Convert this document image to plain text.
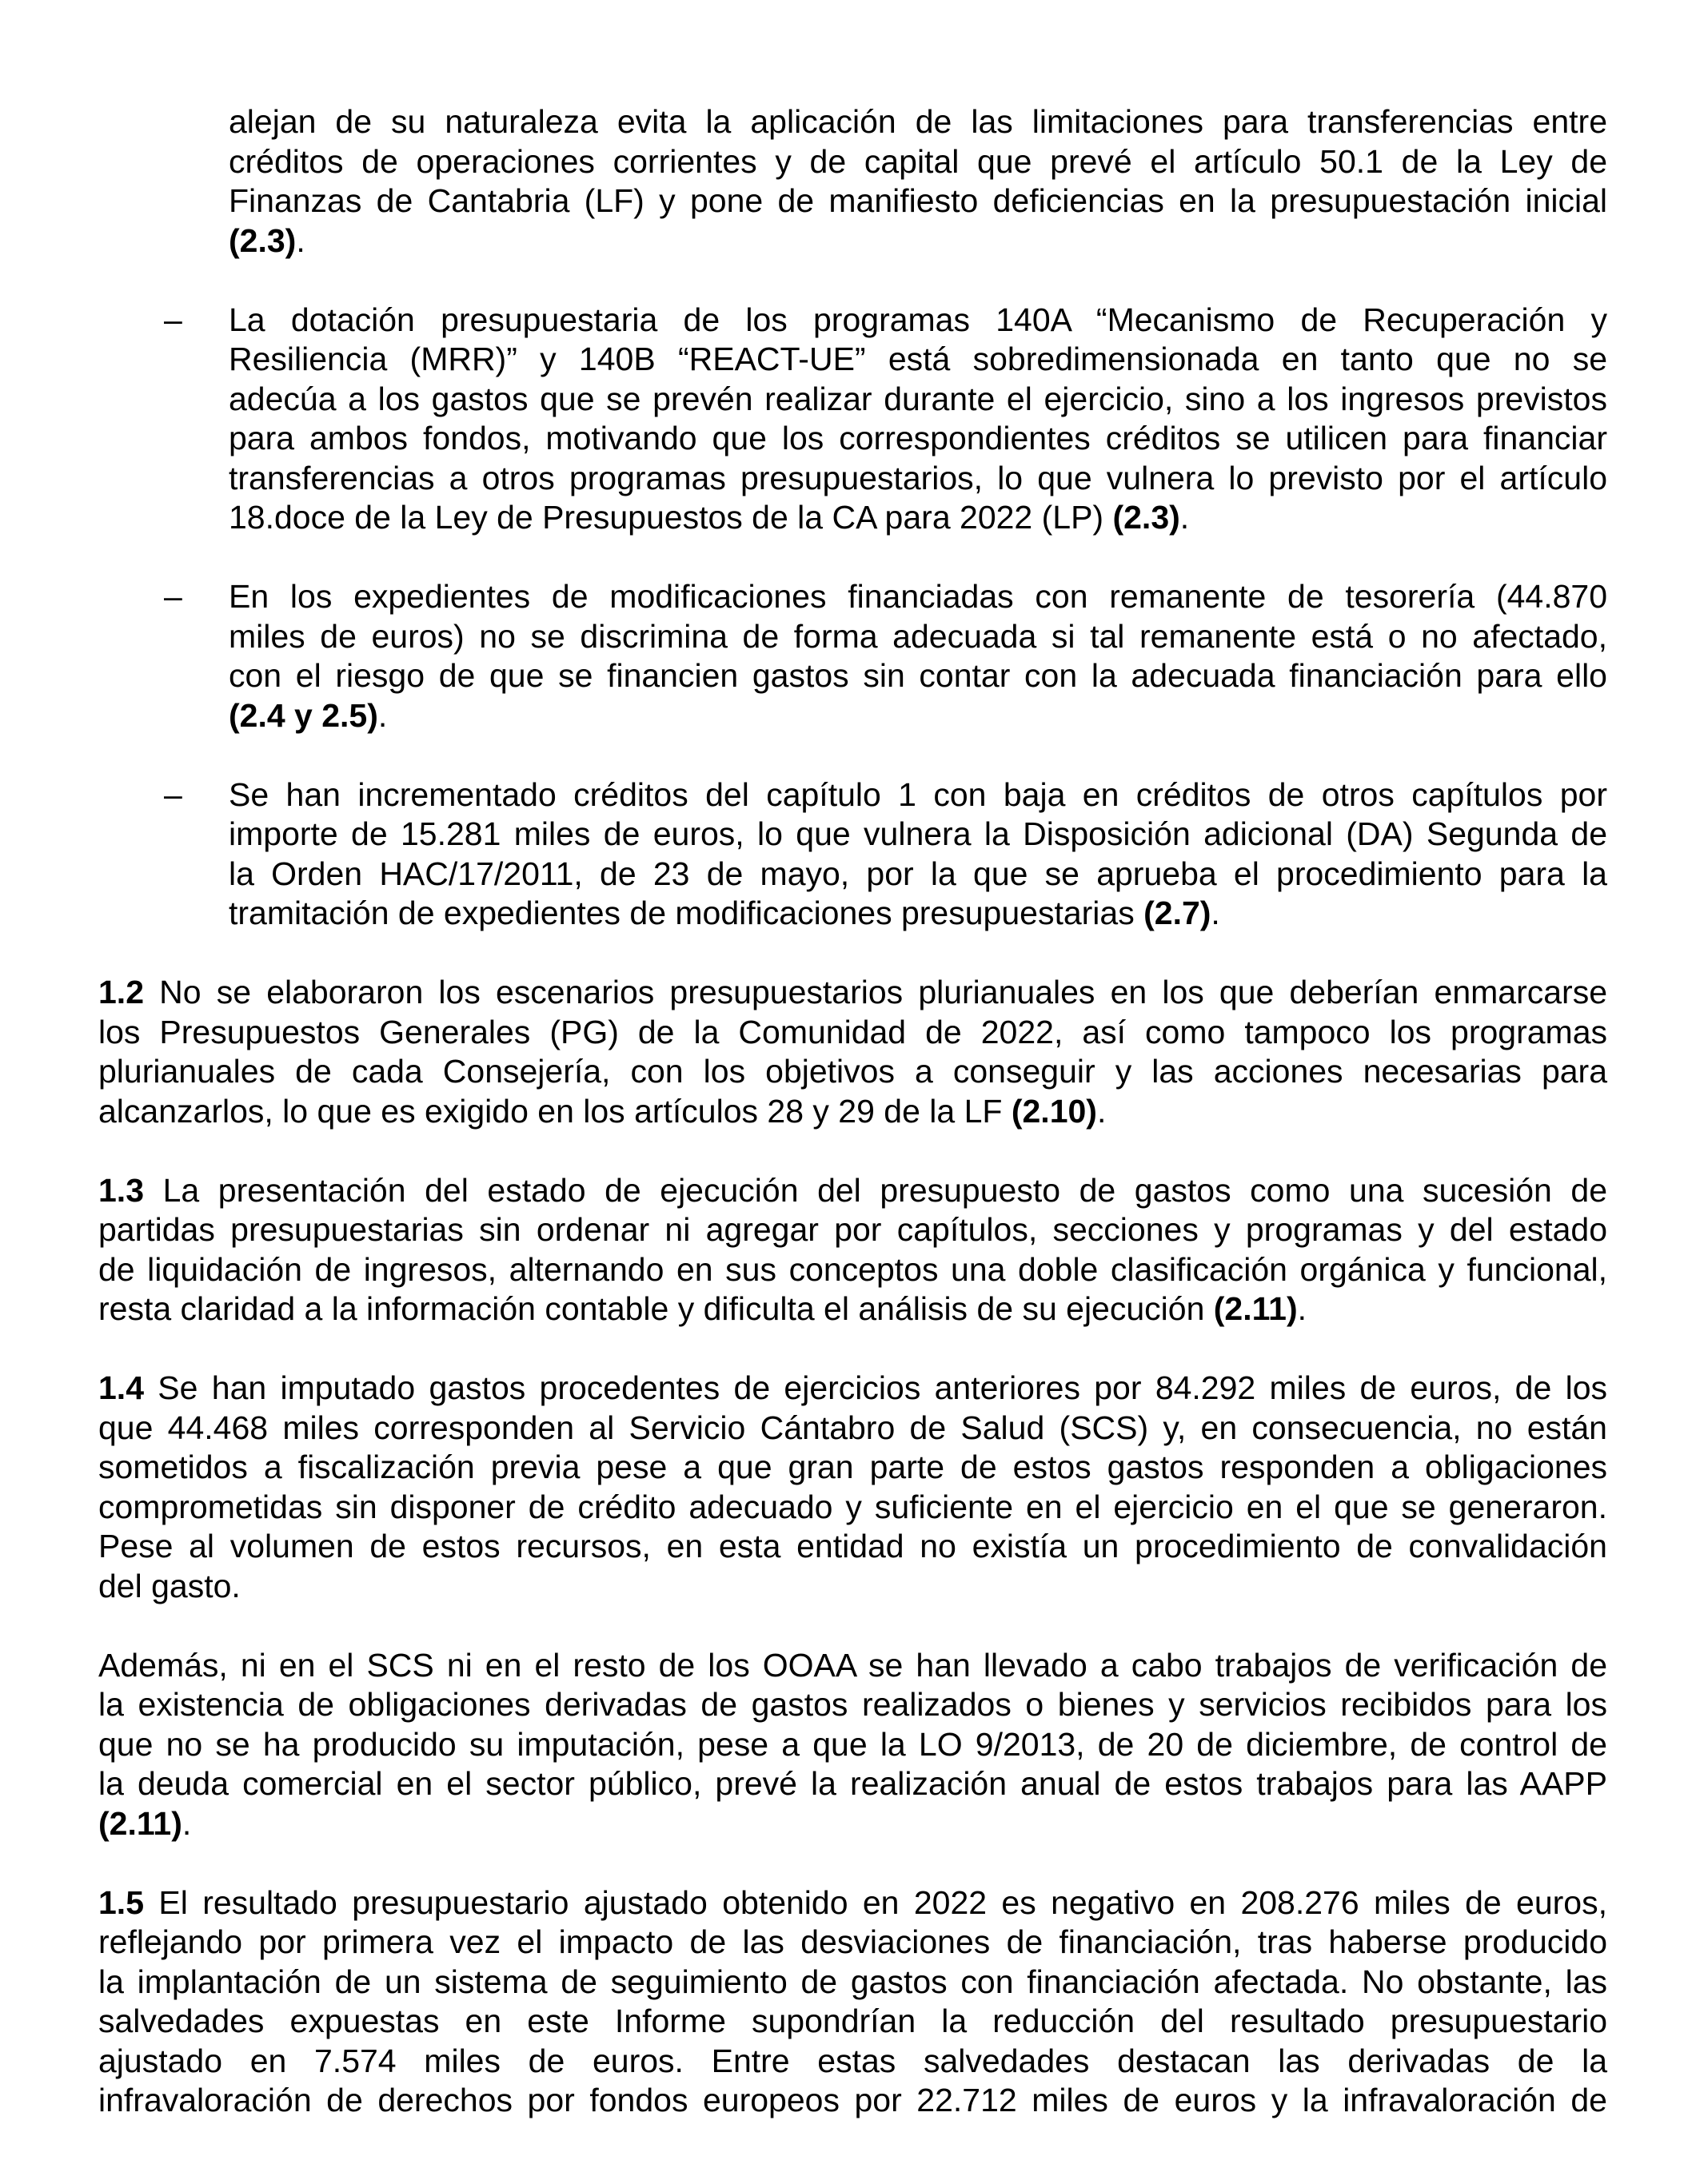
alejan de su naturaleza evita la aplicación de las limitaciones para transferencias entre
créditos de operaciones corrientes y de capital que prevé el artículo 50.1 de la Ley de
Finanzas de Cantabria (LF) y pone de manifiesto deficiencias en la presupuestación inicial
(2.3).
– La dotación presupuestaria de los programas 140A “Mecanismo de Recuperación y
Resiliencia (MRR)” y 140B “REACT-UE” está sobredimensionada en tanto que no se
adecúa a los gastos que se prevén realizar durante el ejercicio, sino a los ingresos previstos
para ambos fondos, motivando que los correspondientes créditos se utilicen para financiar
transferencias a otros programas presupuestarios, lo que vulnera lo previsto por el artículo
18.doce de la Ley de Presupuestos de la CA para 2022 (LP) (2.3).
– En los expedientes de modificaciones financiadas con remanente de tesorería (44.870
miles de euros) no se discrimina de forma adecuada si tal remanente está o no afectado,
con el riesgo de que se financien gastos sin contar con la adecuada financiación para ello
(2.4 y 2.5).
– Se han incrementado créditos del capítulo 1 con baja en créditos de otros capítulos por
importe de 15.281 miles de euros, lo que vulnera la Disposición adicional (DA) Segunda de
la Orden HAC/17/2011, de 23 de mayo, por la que se aprueba el procedimiento para la
tramitación de expedientes de modificaciones presupuestarias (2.7).
1.2 No se elaboraron los escenarios presupuestarios plurianuales en los que deberían enmarcarse
los Presupuestos Generales (PG) de la Comunidad de 2022, así como tampoco los programas
plurianuales de cada Consejería, con los objetivos a conseguir y las acciones necesarias para
alcanzarlos, lo que es exigido en los artículos 28 y 29 de la LF (2.10).
1.3 La presentación del estado de ejecución del presupuesto de gastos como una sucesión de
partidas presupuestarias sin ordenar ni agregar por capítulos, secciones y programas y del estado
de liquidación de ingresos, alternando en sus conceptos una doble clasificación orgánica y funcional,
resta claridad a la información contable y dificulta el análisis de su ejecución (2.11).
1.4 Se han imputado gastos procedentes de ejercicios anteriores por 84.292 miles de euros, de los
que 44.468 miles corresponden al Servicio Cántabro de Salud (SCS) y, en consecuencia, no están
sometidos a fiscalización previa pese a que gran parte de estos gastos responden a obligaciones
comprometidas sin disponer de crédito adecuado y suficiente en el ejercicio en el que se generaron.
Pese al volumen de estos recursos, en esta entidad no existía un procedimiento de convalidación
del gasto.
Además, ni en el SCS ni en el resto de los OOAA se han llevado a cabo trabajos de verificación de
la existencia de obligaciones derivadas de gastos realizados o bienes y servicios recibidos para los
que no se ha producido su imputación, pese a que la LO 9/2013, de 20 de diciembre, de control de
la deuda comercial en el sector público, prevé la realización anual de estos trabajos para las AAPP
(2.11).
1.5 El resultado presupuestario ajustado obtenido en 2022 es negativo en 208.276 miles de euros,
reflejando por primera vez el impacto de las desviaciones de financiación, tras haberse producido
la implantación de un sistema de seguimiento de gastos con financiación afectada. No obstante, las
salvedades expuestas en este Informe supondrían la reducción del resultado presupuestario
ajustado en 7.574 miles de euros. Entre estas salvedades destacan las derivadas de la
infravaloración de derechos por fondos europeos por 22.712 miles de euros y la infravaloración de
